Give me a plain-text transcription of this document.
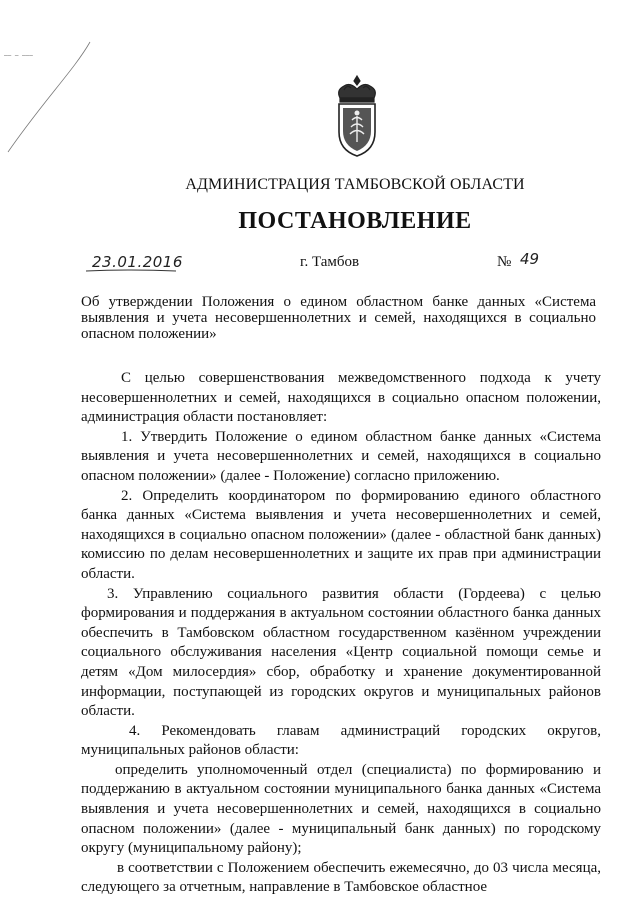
—— — ———
АДМИНИСТРАЦИЯ ТАМБОВСКОЙ ОБЛАСТИ
ПОСТАНОВЛЕНИЕ
23.01.2016	г. Тамбов	№ 49
Об утверждении Положения о едином областном банке данных «Система выявления и учета несовершеннолетних и семей, находящихся в социально опасном положении»

С целью совершенствования межведомственного подхода к учету несовершеннолетних и семей, находящихся в социально опасном положении, администрация области постановляет:

1. Утвердить Положение о едином областном банке данных «Система выявления и учета несовершеннолетних и семей, находящихся в социально опасном положении» (далее - Положение) согласно приложению.

2. Определить координатором по формированию единого областного банка данных «Система выявления и учета несовершеннолетних и семей, находящихся в социально опасном положении» (далее - областной банк данных) комиссию по делам несовершеннолетних и защите их прав при администрации области.

3. Управлению социального развития области (Гордеева) с целью формирования и поддержания в актуальном состоянии областного банка данных обеспечить в Тамбовском областном государственном казённом учреждении социального обслуживания населения «Центр социальной помощи семье и детям «Дом милосердия» сбор, обработку и хранение документированной информации, поступающей из городских округов и муниципальных районов области.

4. Рекомендовать главам администраций городских округов, муниципальных районов области:

определить уполномоченный отдел (специалиста) по формированию и поддержанию в актуальном состоянии муниципального банка данных «Система выявления и учета несовершеннолетних и семей, находящихся в социально опасном положении» (далее - муниципальный банк данных) по городскому округу (муниципальному району);

в соответствии с Положением обеспечить ежемесячно, до 03 числа месяца, следующего за отчетным, направление в Тамбовское областное
